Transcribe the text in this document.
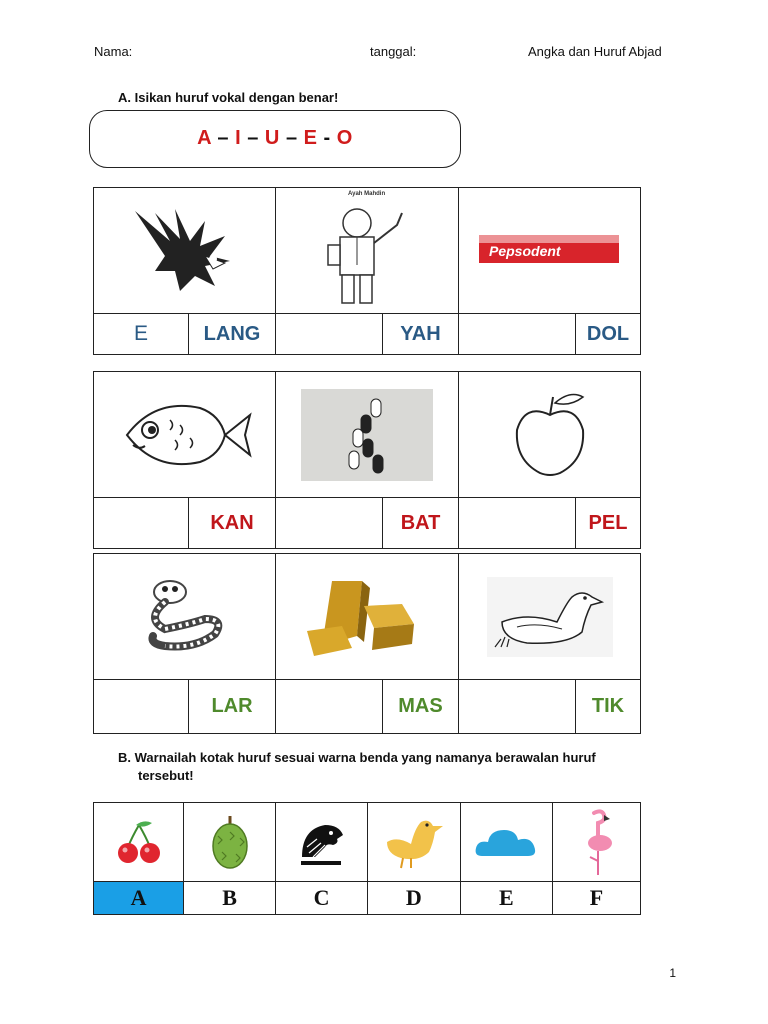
Nama:	tanggal:	Angka dan Huruf Abjad
A. Isikan huruf vokal dengan benar!
A – I – U – E - O

Pepsodent	

E	LANG		YAH		DOL
Ayah Mahdin

	KAN		BAT		PEL

	LAR		MAS		TIK
B. Warnailah kotak huruf sesuai warna benda yang namanya berawalan huruf
tersebut!

A	B	C	D	E	F
1
